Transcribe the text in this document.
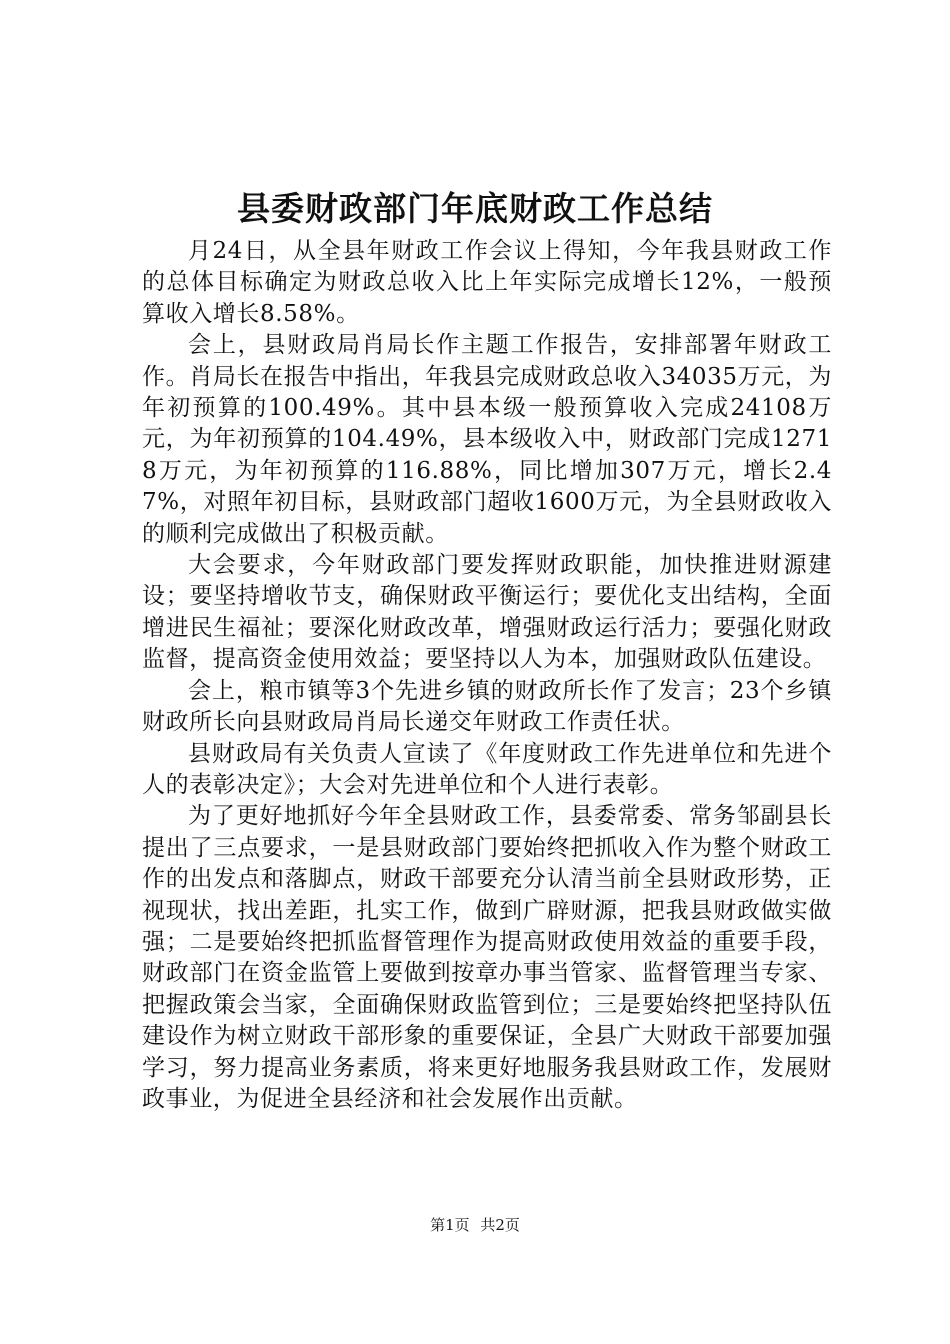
县委财政部门年底财政工作总结

月24日，从全县年财政工作会议上得知，今年我县财政工作的总体目标确定为财政总收入比上年实际完成增长12%，一般预算收入增长8.58%。

会上，县财政局肖局长作主题工作报告，安排部署年财政工作。肖局长在报告中指出，年我县完成财政总收入34035万元，为年初预算的100.49%。其中县本级一般预算收入完成24108万元，为年初预算的104.49%，县本级收入中，财政部门完成12718万元，为年初预算的116.88%，同比增加307万元，增长2.47%，对照年初目标，县财政部门超收1600万元，为全县财政收入的顺利完成做出了积极贡献。

大会要求，今年财政部门要发挥财政职能，加快推进财源建设；要坚持增收节支，确保财政平衡运行；要优化支出结构，全面增进民生福祉；要深化财政改革，增强财政运行活力；要强化财政监督，提高资金使用效益；要坚持以人为本，加强财政队伍建设。

会上，粮市镇等3个先进乡镇的财政所长作了发言；23个乡镇财政所长向县财政局肖局长递交年财政工作责任状。

县财政局有关负责人宣读了《年度财政工作先进单位和先进个人的表彰决定》；大会对先进单位和个人进行表彰。

为了更好地抓好今年全县财政工作，县委常委、常务邹副县长提出了三点要求，一是县财政部门要始终把抓收入作为整个财政工作的出发点和落脚点，财政干部要充分认清当前全县财政形势，正视现状，找出差距，扎实工作，做到广辟财源，把我县财政做实做强；二是要始终把抓监督管理作为提高财政使用效益的重要手段，财政部门在资金监管上要做到按章办事当管家、监督管理当专家、把握政策会当家，全面确保财政监管到位；三是要始终把坚持队伍建设作为树立财政干部形象的重要保证，全县广大财政干部要加强学习，努力提高业务素质，将来更好地服务我县财政工作，发展财政事业，为促进全县经济和社会发展作出贡献。

第1页 共2页
